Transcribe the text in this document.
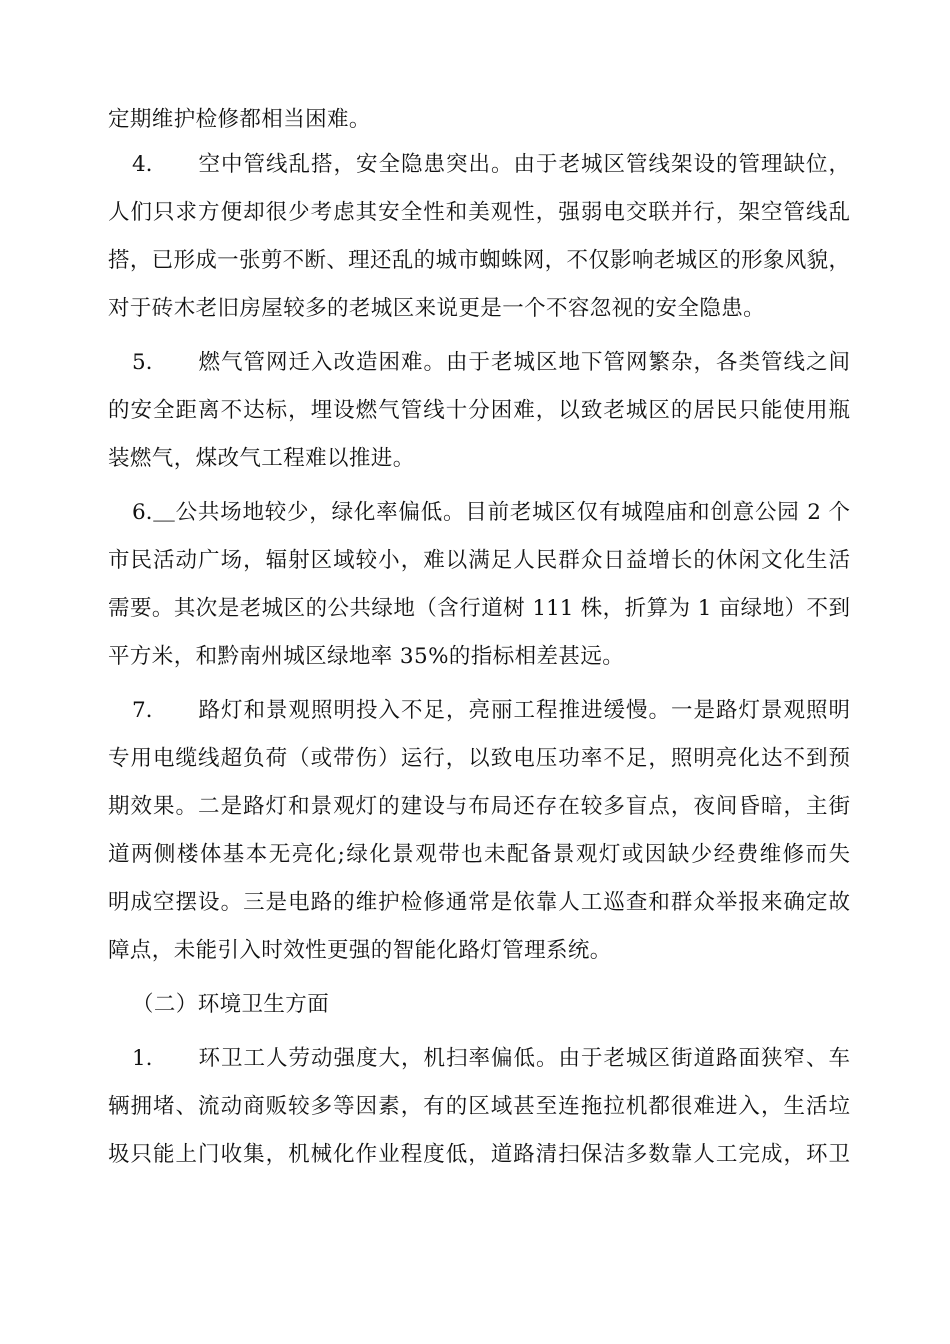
定期维护检修都相当困难。
4.　　空中管线乱搭，安全隐患突出。由于老城区管线架设的管理缺位，
人们只求方便却很少考虑其安全性和美观性，强弱电交联并行，架空管线乱
搭，已形成一张剪不断、理还乱的城市蜘蛛网，不仅影响老城区的形象风貌，
对于砖木老旧房屋较多的老城区来说更是一个不容忽视的安全隐患。
5.　　燃气管网迁入改造困难。由于老城区地下管网繁杂，各类管线之间
的安全距离不达标，埋设燃气管线十分困难，以致老城区的居民只能使用瓶
装燃气，煤改气工程难以推进。
6.＿公共场地较少，绿化率偏低。目前老城区仅有城隍庙和创意公园 2 个
市民活动广场，辐射区域较小，难以满足人民群众日益增长的休闲文化生活
需要。其次是老城区的公共绿地（含行道树 111 株，折算为 1 亩绿地）不到
平方米，和黔南州城区绿地率 35%的指标相差甚远。
7.　　路灯和景观照明投入不足，亮丽工程推进缓慢。一是路灯景观照明
专用电缆线超负荷（或带伤）运行，以致电压功率不足，照明亮化达不到预
期效果。二是路灯和景观灯的建设与布局还存在较多盲点，夜间昏暗，主街
道两侧楼体基本无亮化;绿化景观带也未配备景观灯或因缺少经费维修而失
明成空摆设。三是电路的维护检修通常是依靠人工巡查和群众举报来确定故
障点，未能引入时效性更强的智能化路灯管理系统。
（二）环境卫生方面
1.　　环卫工人劳动强度大，机扫率偏低。由于老城区街道路面狭窄、车
辆拥堵、流动商贩较多等因素，有的区域甚至连拖拉机都很难进入，生活垃
圾只能上门收集，机械化作业程度低，道路清扫保洁多数靠人工完成，环卫
